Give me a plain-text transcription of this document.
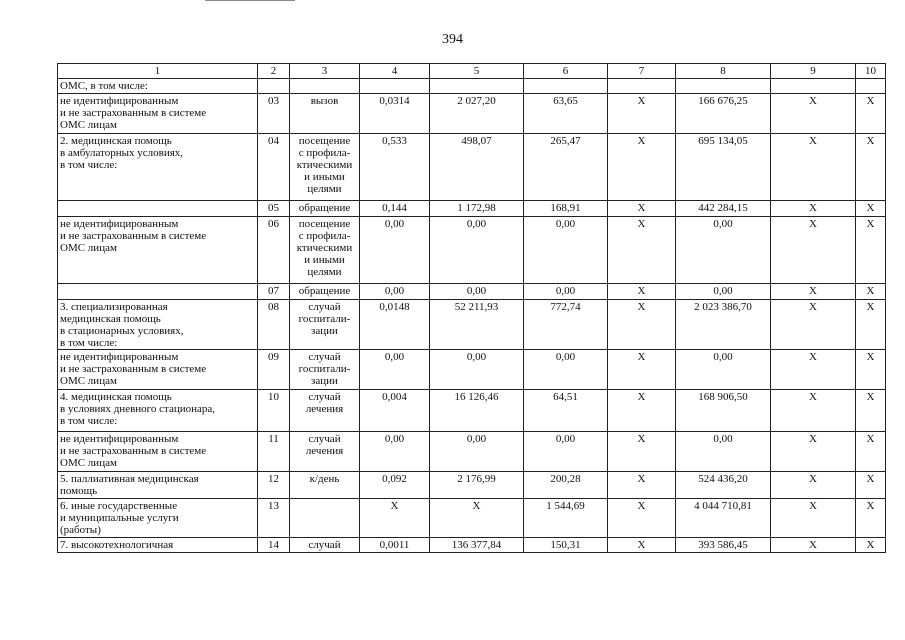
394
1	2	3	4	5	6	7	8	9	10
ОМС, в том числе:									
не идентифицированным
и не застрахованным в системе
ОМС лицам	03	вызов	0,0314	2 027,20	63,65	Х	166 676,25	Х	Х
2. медицинская помощь
в амбулаторных условиях,
в том числе:	04	посещение
с профила-
ктическими
и иными
целями	0,533	498,07	265,47	Х	695 134,05	Х	Х
	05	обращение	0,144	1 172,98	168,91	Х	442 284,15	Х	Х
не идентифицированным
и не застрахованным в системе
ОМС лицам	06	посещение
с профила-
ктическими
и иными
целями	0,00	0,00	0,00	Х	0,00	Х	Х
	07	обращение	0,00	0,00	0,00	Х	0,00	Х	Х
3. специализированная
медицинская помощь
в стационарных условиях,
в том числе:	08	случай
госпитали-
зации	0,0148	52 211,93	772,74	Х	2 023 386,70	Х	Х
не идентифицированным
и не застрахованным в системе
ОМС лицам	09	случай
госпитали-
зации	0,00	0,00	0,00	Х	0,00	Х	Х
4. медицинская помощь
в условиях дневного стационара,
в том числе:	10	случай
лечения	0,004	16 126,46	64,51	Х	168 906,50	Х	Х
не идентифицированным
и не застрахованным в системе
ОМС лицам	11	случай
лечения	0,00	0,00	0,00	Х	0,00	Х	Х
5. паллиативная медицинская
помощь	12	к/день	0,092	2 176,99	200,28	Х	524 436,20	Х	Х
6. иные государственные
и муниципальные услуги
(работы)	13		Х	Х	1 544,69	Х	4 044 710,81	Х	Х
7. высокотехнологичная	14	случай	0,0011	136 377,84	150,31	Х	393 586,45	Х	Х
